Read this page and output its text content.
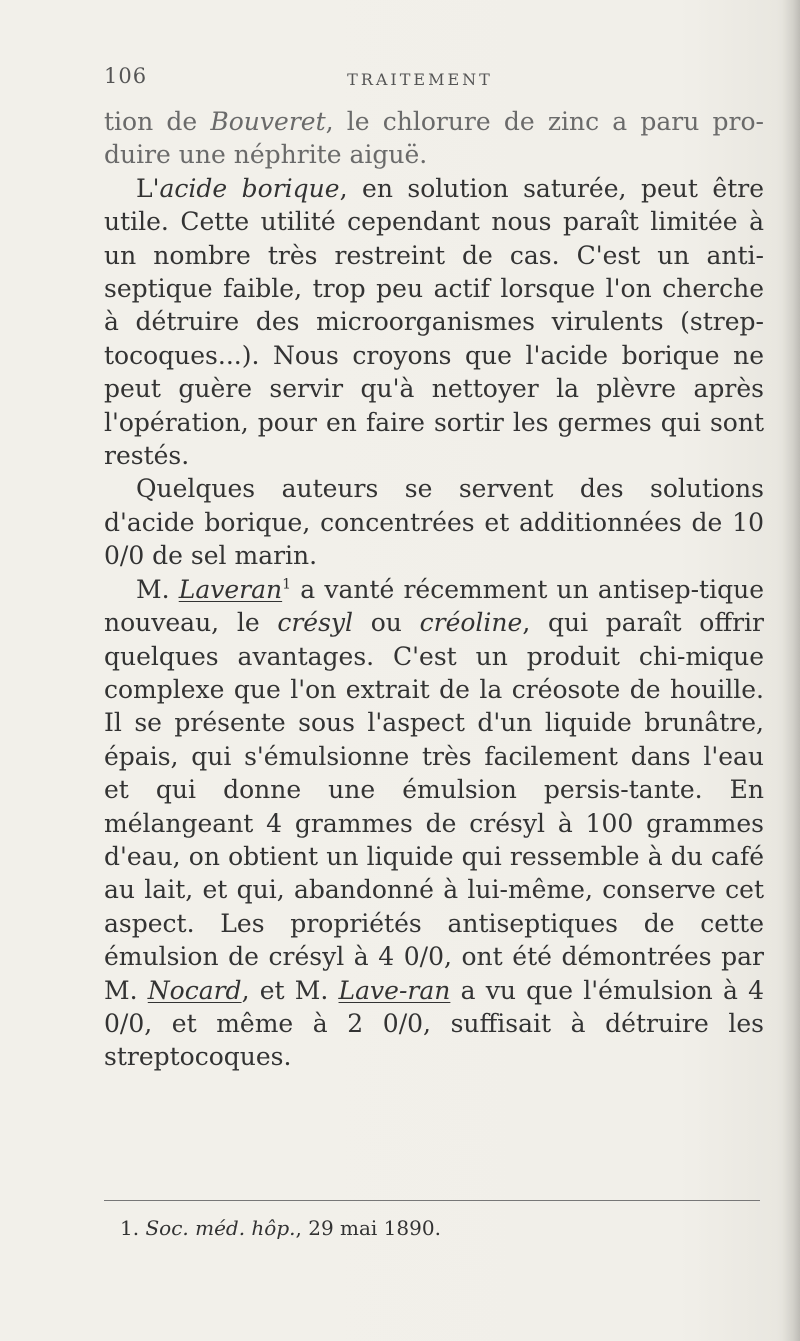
106	TRAITEMENT

tion de Bouveret, le chlorure de zinc a paru pro-duire une néphrite aiguë.

L'acide borique, en solution saturée, peut être utile. Cette utilité cependant nous paraît limitée à un nombre très restreint de cas. C'est un anti-septique faible, trop peu actif lorsque l'on cherche à détruire des microorganismes virulents (strep-tocoques...). Nous croyons que l'acide borique ne peut guère servir qu'à nettoyer la plèvre après l'opération, pour en faire sortir les germes qui sont restés.

Quelques auteurs se servent des solutions d'acide borique, concentrées et additionnées de 10 0/0 de sel marin.

M. Laveran$^1$ a vanté récemment un antisep-tique nouveau, le crésyl ou créoline, qui paraît offrir quelques avantages. C'est un produit chi-mique complexe que l'on extrait de la créosote de houille. Il se présente sous l'aspect d'un liquide brunâtre, épais, qui s'émulsionne très facilement dans l'eau et qui donne une émulsion persis-tante. En mélangeant 4 grammes de crésyl à 100 grammes d'eau, on obtient un liquide qui ressemble à du café au lait, et qui, abandonné à lui-même, conserve cet aspect. Les propriétés antiseptiques de cette émulsion de crésyl à 4 0/0, ont été démontrées par M. Nocard, et M. Lave-ran a vu que l'émulsion à 4 0/0, et même à 2 0/0, suffisait à détruire les streptocoques.

1. Soc. méd. hôp., 29 mai 1890.
